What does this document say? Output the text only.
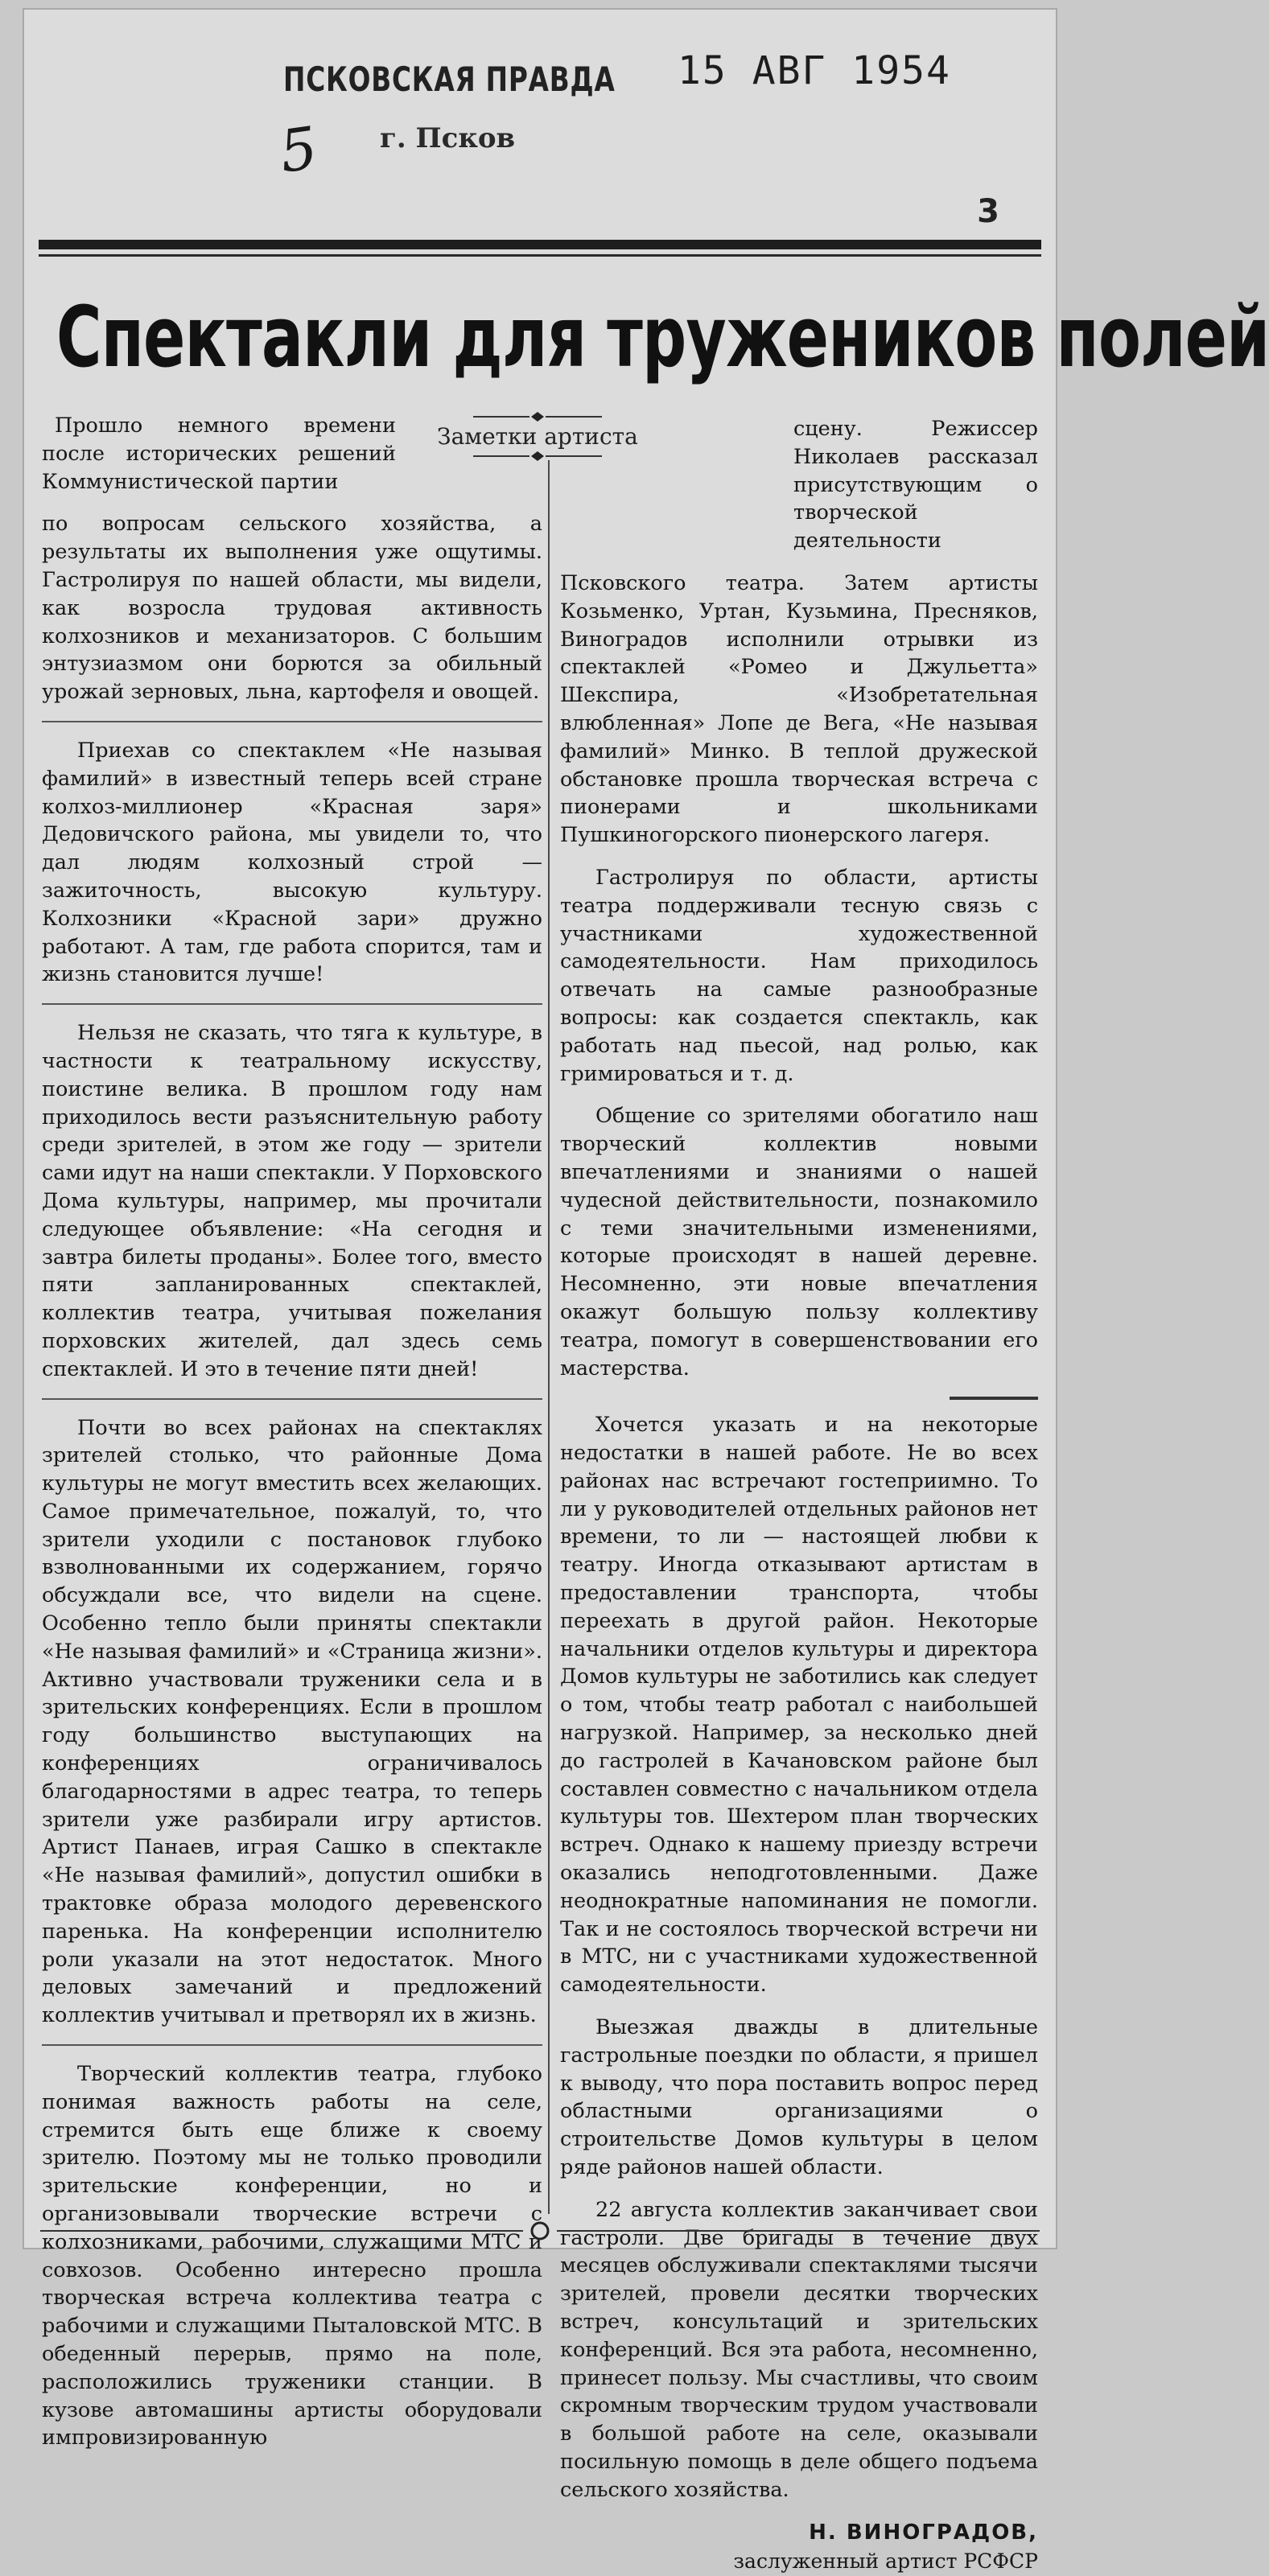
ПСКОВСКАЯ ПРАВДА
5 г. Псков
15 АВГ 1954
3
Спектакли для тружеников полей
Заметки артиста

Прошло немного времени после исторических решений Коммунистической партии

по вопросам сельского хозяйства, а результаты их выполнения уже ощутимы. Гастролируя по нашей области, мы видели, как возросла трудовая активность колхозников и механизаторов. С большим энтузиазмом они борются за обильный урожай зерновых, льна, картофеля и овощей.

Приехав со спектаклем «Не называя фамилий» в известный теперь всей стране колхоз-миллионер «Красная заря» Дедовичского района, мы увидели то, что дал людям колхозный строй — зажиточность, высокую культуру. Колхозники «Красной зари» дружно работают. А там, где работа спорится, там и жизнь становится лучше!

Нельзя не сказать, что тяга к культуре, в частности к театральному искусству, поистине велика. В прошлом году нам приходилось вести разъяснительную работу среди зрителей, в этом же году — зрители сами идут на наши спектакли. У Порховского Дома культуры, например, мы прочитали следующее объявление: «На сегодня и завтра билеты проданы». Более того, вместо пяти запланированных спектаклей, коллектив театра, учитывая пожелания порховских жителей, дал здесь семь спектаклей. И это в течение пяти дней!

Почти во всех районах на спектаклях зрителей столько, что районные Дома культуры не могут вместить всех желающих. Самое примечательное, пожалуй, то, что зрители уходили с постановок глубоко взволнованными их содержанием, горячо обсуждали все, что видели на сцене. Особенно тепло были приняты спектакли «Не называя фамилий» и «Страница жизни». Активно участвовали труженики села и в зрительских конференциях. Если в прошлом году большинство выступающих на конференциях ограничивалось благодарностями в адрес театра, то теперь зрители уже разбирали игру артистов. Артист Панаев, играя Сашко в спектакле «Не называя фамилий», допустил ошибки в трактовке образа молодого деревенского паренька. На конференции исполнителю роли указали на этот недостаток. Много деловых замечаний и предложений коллектив учитывал и претворял их в жизнь.

Творческий коллектив театра, глубоко понимая важность работы на селе, стремится быть еще ближе к своему зрителю. Поэтому мы не только проводили зрительские конференции, но и организовывали творческие встречи с колхозниками, рабочими, служащими МТС и совхозов. Особенно интересно прошла творческая встреча коллектива театра с рабочими и служащими Пыталовской МТС. В обеденный перерыв, прямо на поле, расположились труженики станции. В кузове автомашины артисты оборудовали импровизированную

сцену. Режиссер Николаев рассказал присутствующим о творческой деятельности

Псковского театра. Затем артисты Козьменко, Уртан, Кузьмина, Пресняков, Виноградов исполнили отрывки из спектаклей «Ромео и Джульетта» Шекспира, «Изобретательная влюбленная» Лопе де Вега, «Не называя фамилий» Минко. В теплой дружеской обстановке прошла творческая встреча с пионерами и школьниками Пушкиногорского пионерского лагеря.

Гастролируя по области, артисты театра поддерживали тесную связь с участниками художественной самодеятельности. Нам приходилось отвечать на самые разнообразные вопросы: как создается спектакль, как работать над пьесой, над ролью, как гримироваться и т. д.

Общение со зрителями обогатило наш творческий коллектив новыми впечатлениями и знаниями о нашей чудесной действительности, познакомило с теми значительными изменениями, которые происходят в нашей деревне. Несомненно, эти новые впечатления окажут большую пользу коллективу театра, помогут в совершенствовании его мастерства.

Хочется указать и на некоторые недостатки в нашей работе. Не во всех районах нас встречают гостеприимно. То ли у руководителей отдельных районов нет времени, то ли — настоящей любви к театру. Иногда отказывают артистам в предоставлении транспорта, чтобы переехать в другой район. Некоторые начальники отделов культуры и директора Домов культуры не заботились как следует о том, чтобы театр работал с наибольшей нагрузкой. Например, за несколько дней до гастролей в Качановском районе был составлен совместно с начальником отдела культуры тов. Шехтером план творческих встреч. Однако к нашему приезду встречи оказались неподготовленными. Даже неоднократные напоминания не помогли. Так и не состоялось творческой встречи ни в МТС, ни с участниками художественной самодеятельности.

Выезжая дважды в длительные гастрольные поездки по области, я пришел к выводу, что пора поставить вопрос перед областными организациями о строительстве Домов культуры в целом ряде районов нашей области.

22 августа коллектив заканчивает свои гастроли. Две бригады в течение двух месяцев обслуживали спектаклями тысячи зрителей, провели десятки творческих встреч, консультаций и зрительских конференций. Вся эта работа, несомненно, принесет пользу. Мы счастливы, что своим скромным творческим трудом участвовали в большой работе на селе, оказывали посильную помощь в деле общего подъема сельского хозяйства.

Н. ВИНОГРАДОВ,
заслуженный артист РСФСР
